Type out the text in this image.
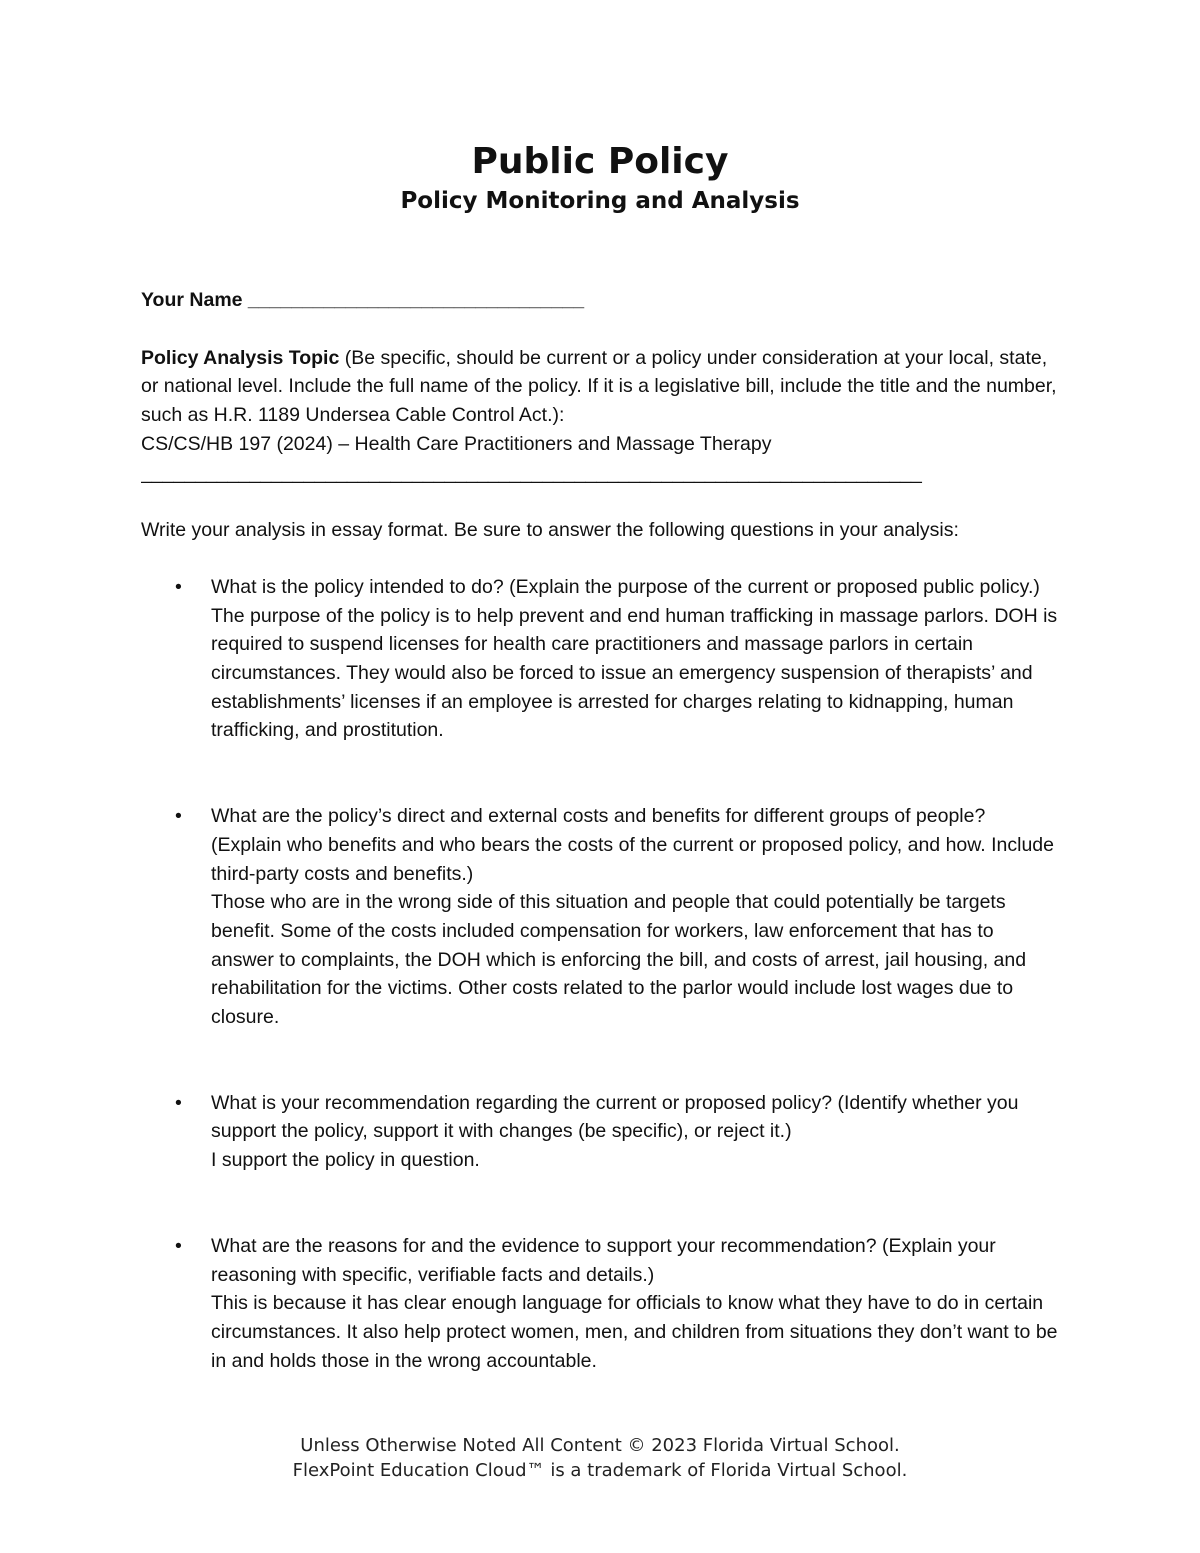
Public Policy
Policy Monitoring and Analysis

Your Name _______________________________

Policy Analysis Topic (Be specific, should be current or a policy under consideration at your local, state, or national level. Include the full name of the policy. If it is a legislative bill, include the title and the number, such as H.R. 1189 Undersea Cable Control Act.):

CS/CS/HB 197 (2024) – Health Care Practitioners and Massage Therapy

________________________________________________________________________

Write your analysis in essay format. Be sure to answer the following questions in your analysis:

• What is the policy intended to do? (Explain the purpose of the current or proposed public policy.)
The purpose of the policy is to help prevent and end human trafficking in massage parlors. DOH is required to suspend licenses for health care practitioners and massage parlors in certain circumstances. They would also be forced to issue an emergency suspension of therapists’ and establishments’ licenses if an employee is arrested for charges relating to kidnapping, human trafficking, and prostitution.
• What are the policy’s direct and external costs and benefits for different groups of people? (Explain who benefits and who bears the costs of the current or proposed policy, and how. Include third-party costs and benefits.)
Those who are in the wrong side of this situation and people that could potentially be targets benefit. Some of the costs included compensation for workers, law enforcement that has to answer to complaints, the DOH which is enforcing the bill, and costs of arrest, jail housing, and rehabilitation for the victims. Other costs related to the parlor would include lost wages due to closure.
• What is your recommendation regarding the current or proposed policy? (Identify whether you support the policy, support it with changes (be specific), or reject it.)
I support the policy in question.
• What are the reasons for and the evidence to support your recommendation? (Explain your reasoning with specific, verifiable facts and details.)
This is because it has clear enough language for officials to know what they have to do in certain circumstances. It also help protect women, men, and children from situations they don’t want to be in and holds those in the wrong accountable.
Unless Otherwise Noted All Content © 2023 Florida Virtual School.
FlexPoint Education Cloud™ is a trademark of Florida Virtual School.
